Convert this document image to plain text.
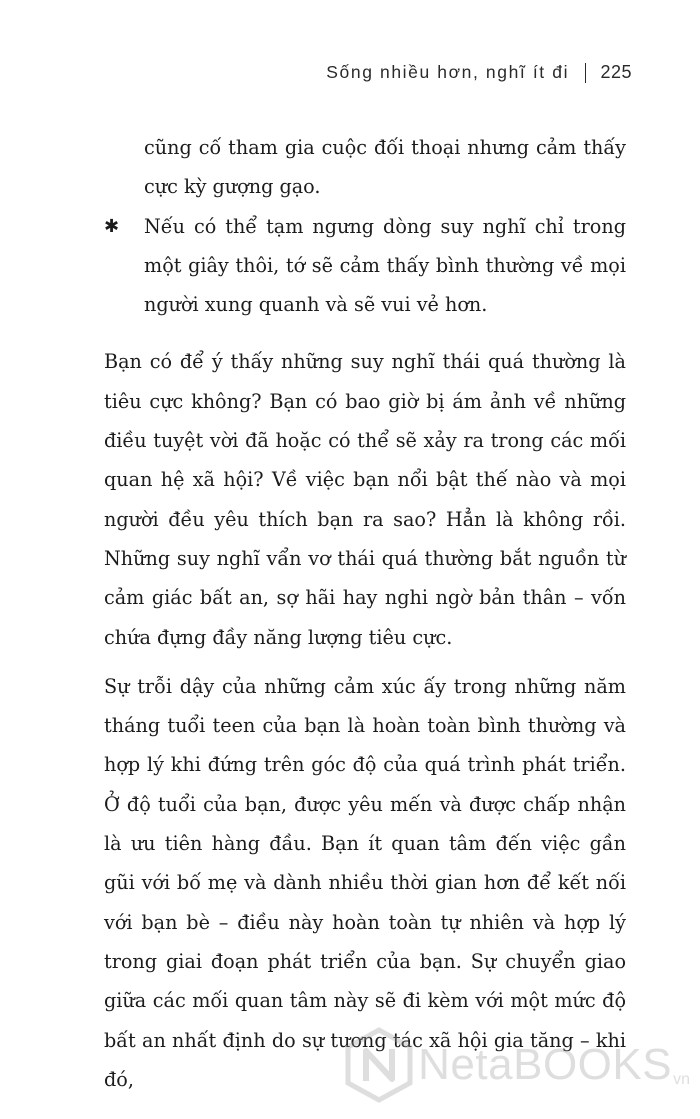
Sống nhiều hơn, nghĩ ít đi 225
cũng cố tham gia cuộc đối thoại nhưng cảm thấy cực kỳ gượng gạo.
✱ Nếu có thể tạm ngưng dòng suy nghĩ chỉ trong một giây thôi, tớ sẽ cảm thấy bình thường về mọi người xung quanh và sẽ vui vẻ hơn.

Bạn có để ý thấy những suy nghĩ thái quá thường là tiêu cực không? Bạn có bao giờ bị ám ảnh về những điều tuyệt vời đã hoặc có thể sẽ xảy ra trong các mối quan hệ xã hội? Về việc bạn nổi bật thế nào và mọi người đều yêu thích bạn ra sao? Hẳn là không rồi. Những suy nghĩ vẩn vơ thái quá thường bắt nguồn từ cảm giác bất an, sợ hãi hay nghi ngờ bản thân – vốn chứa đựng đầy năng lượng tiêu cực.

Sự trỗi dậy của những cảm xúc ấy trong những năm tháng tuổi teen của bạn là hoàn toàn bình thường và hợp lý khi đứng trên góc độ của quá trình phát triển. Ở độ tuổi của bạn, được yêu mến và được chấp nhận là ưu tiên hàng đầu. Bạn ít quan tâm đến việc gần gũi với bố mẹ và dành nhiều thời gian hơn để kết nối với bạn bè – điều này hoàn toàn tự nhiên và hợp lý trong giai đoạn phát triển của bạn. Sự chuyển giao giữa các mối quan tâm này sẽ đi kèm với một mức độ bất an nhất định do sự tương tác xã hội gia tăng – khi đó,	NetaBOOKS vn
